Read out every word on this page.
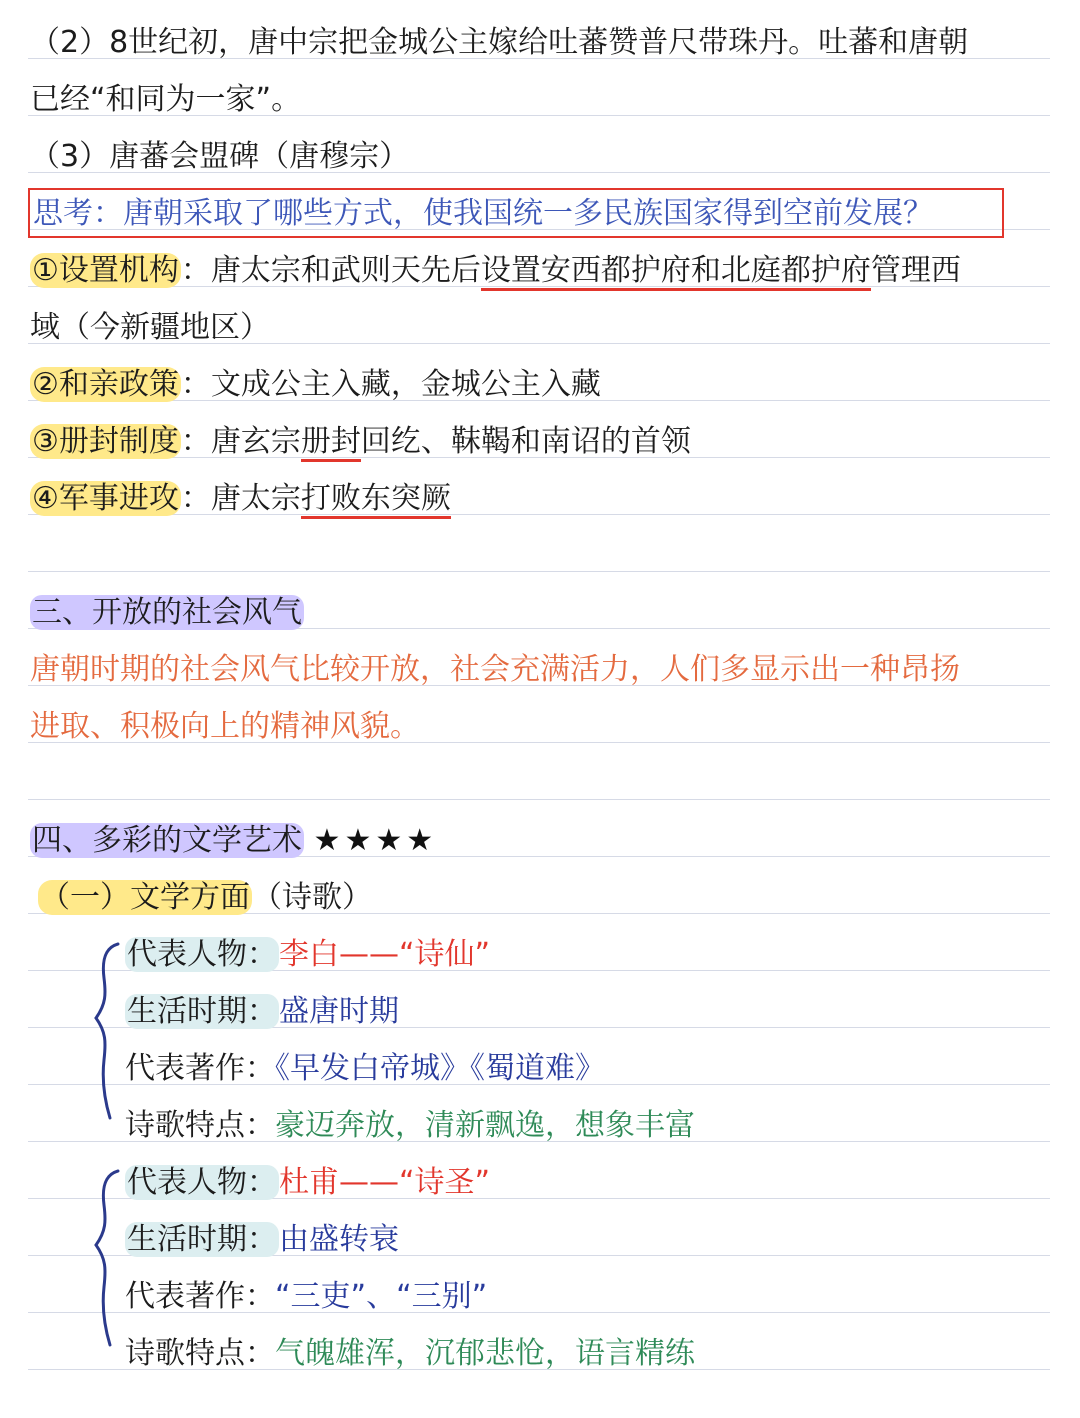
（2）8世纪初，唐中宗把金城公主嫁给吐蕃赞普尺带珠丹。吐蕃和唐朝
已经“和同为一家”。
（3）唐蕃会盟碑（唐穆宗）
思考：唐朝采取了哪些方式，使我国统一多民族国家得到空前发展？
①设置机构：唐太宗和武则天先后设置安西都护府和北庭都护府管理西
域（今新疆地区）
②和亲政策：文成公主入藏，金城公主入藏
③册封制度：唐玄宗册封回纥、靺鞨和南诏的首领
④军事进攻：唐太宗打败东突厥
三、开放的社会风气
唐朝时期的社会风气比较开放，社会充满活力，人们多显示出一种昂扬
进取、积极向上的精神风貌。
四、多彩的文学艺术 ★★★★
（一）文学方面（诗歌）
代表人物：李白——“诗仙”
生活时期：盛唐时期
代表著作：《早发白帝城》《蜀道难》
诗歌特点：豪迈奔放，清新飘逸，想象丰富
代表人物：杜甫——“诗圣”
生活时期：由盛转衰
代表著作：“三吏”、“三别”
诗歌特点：气魄雄浑，沉郁悲怆，语言精练
